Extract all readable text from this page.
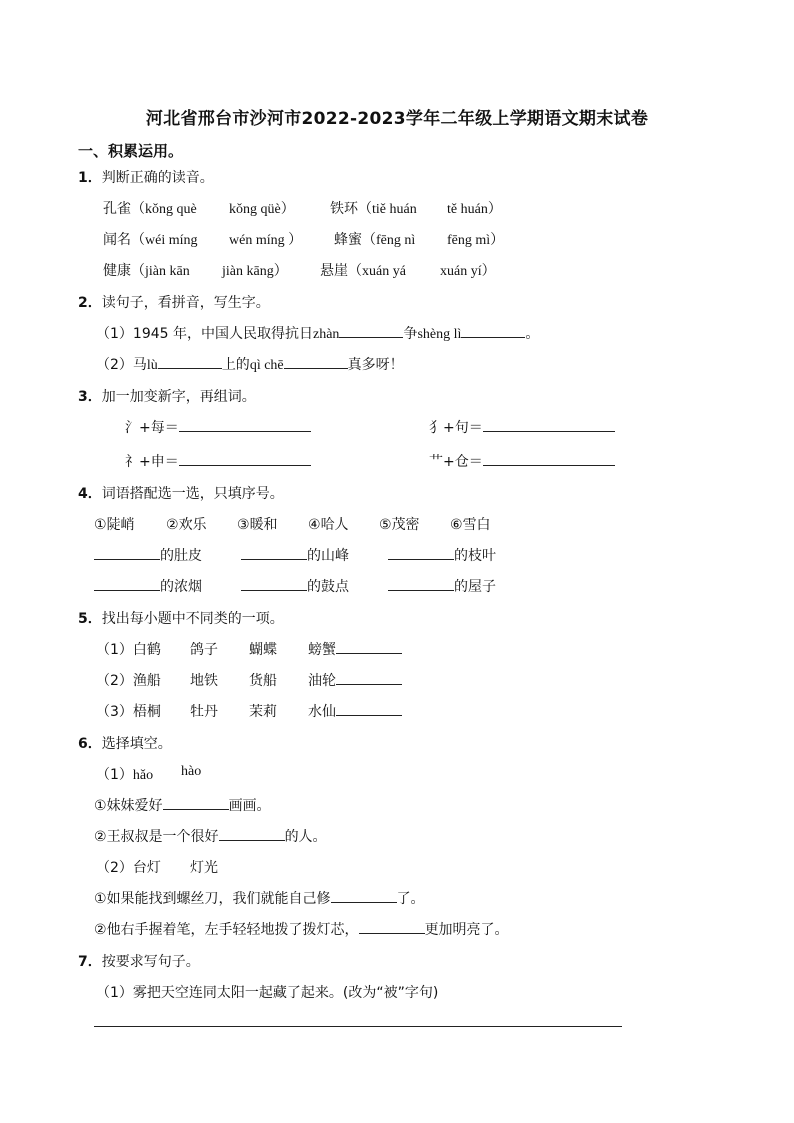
河北省邢台市沙河市2022-2023学年二年级上学期语文期末试卷
一、积累运用。
1．判断正确的读音。
孔雀（kǒng què kǒng qüè）	铁环（tiě huán tě huán）
闻名（wéi míng wén míng ） 蜂蜜（fēng nì fēng mì）
健康（jiàn kān jiàn kāng） 悬崖（xuán yá xuán yí）
2．读句子，看拼音，写生字。
（1）1945 年，中国人民取得抗日zhàn	争shèng lì	。
（2）马lù	上的qì chē	真多呀！
3．加一加变新字，再组词。
氵+每＝	犭+句＝
礻+申＝	艹+仓＝
4．词语搭配选一选，只填序号。
①陡峭 ②欢乐 ③暖和 ④哈人 ⑤茂密 ⑥雪白
的肚皮	的山峰	的枝叶
的浓烟	的鼓点	的屋子
5．找出每小题中不同类的一项。
（1）白鹤 鸽子 蝴蝶 螃蟹
（2）渔船 地铁 货船 油轮
（3）梧桐 牡丹 茉莉 水仙
6．选择填空。
（1）hǎo hào
①妹妹爱好	画画。
②王叔叔是一个很好	的人。
（2）台灯 灯光
①如果能找到螺丝刀，我们就能自己修	了。
②他右手握着笔，左手轻轻地拨了拨灯芯，	更加明亮了。
7．按要求写句子。
（1）雾把天空连同太阳一起藏了起来。(改为“被”字句)
